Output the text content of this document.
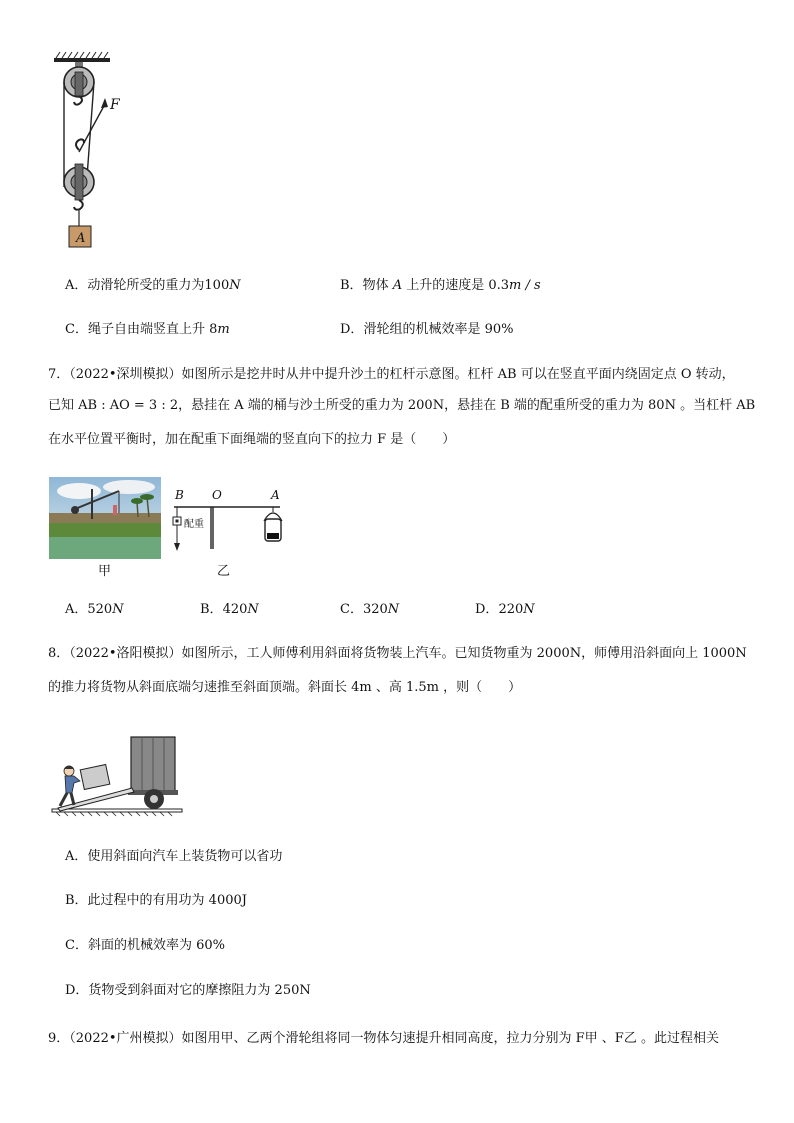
F
A
A．动滑轮所受的重力为100N	B．物体 A 上升的速度是 0.3m / s
C．绳子自由端竖直上升 8m	D．滑轮组的机械效率是 90%
7．（2022•深圳模拟）如图所示是挖井时从井中提升沙土的杠杆示意图。杠杆 AB 可以在竖直平面内绕固定点 O 转动，
已知 AB : AO = 3 : 2，悬挂在 A 端的桶与沙土所受的重力为 200N，悬挂在 B 端的配重所受的重力为 80N 。当杠杆 AB
在水平位置平衡时，加在配重下面绳端的竖直向下的拉力 F 是（　　）
B O	A
配重
甲	乙
A．520N	B．420N	C．320N	D．220N
8．（2022•洛阳模拟）如图所示，工人师傅利用斜面将货物装上汽车。已知货物重为 2000N，师傅用沿斜面向上 1000N
的推力将货物从斜面底端匀速推至斜面顶端。斜面长 4m 、高 1.5m ，则（　　）
A．使用斜面向汽车上装货物可以省功
B．此过程中的有用功为 4000J
C．斜面的机械效率为 60%
D．货物受到斜面对它的摩擦阻力为 250N
9．（2022•广州模拟）如图用甲、乙两个滑轮组将同一物体匀速提升相同高度，拉力分别为 F甲 、F乙 。此过程相关
